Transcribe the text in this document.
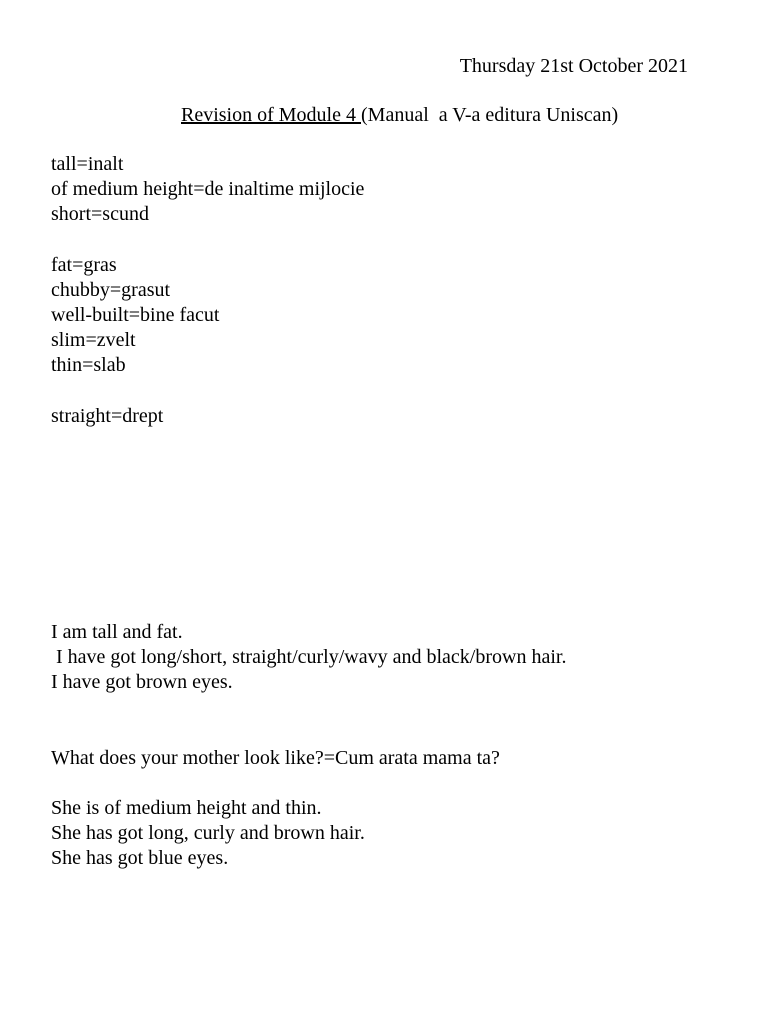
Thursday 21st October 2021

Revision of Module 4 (Manual  a V-a editura Uniscan)

tall=inalt
of medium height=de inaltime mijlocie
short=scund
fat=gras
chubby=grasut
well-built=bine facut
slim=zvelt
thin=slab
straight=drept
I am tall and fat.
I have got long/short, straight/curly/wavy and black/brown hair.
I have got brown eyes.

What does your mother look like?=Cum arata mama ta?

She is of medium height and thin.
She has got long, curly and brown hair.
She has got blue eyes.
